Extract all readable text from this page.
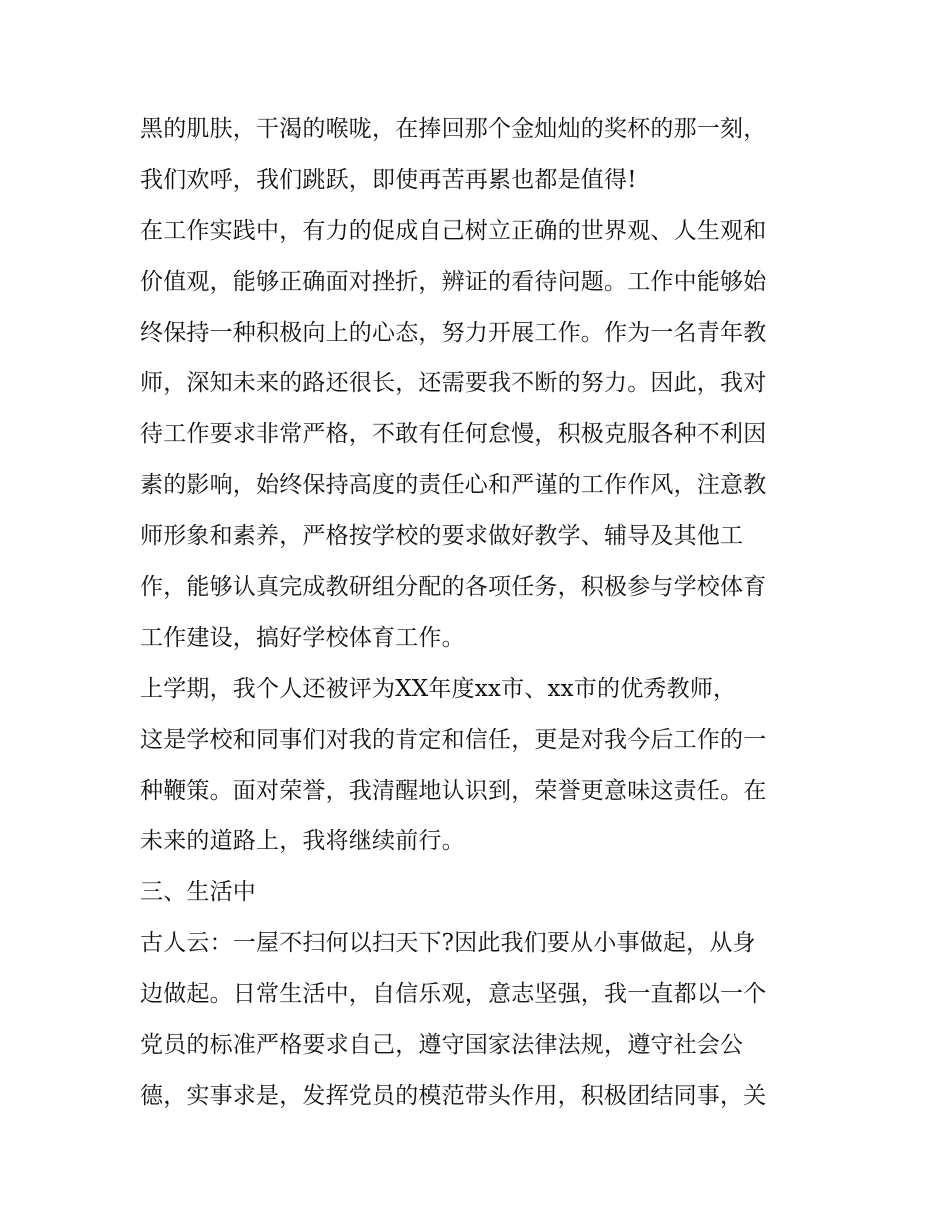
黑的肌肤，干渴的喉咙，在捧回那个金灿灿的奖杯的那一刻，
我们欢呼，我们跳跃，即使再苦再累也都是值得!
在工作实践中，有力的促成自己树立正确的世界观、人生观和
价值观，能够正确面对挫折，辨证的看待问题。工作中能够始
终保持一种积极向上的心态，努力开展工作。作为一名青年教
师，深知未来的路还很长，还需要我不断的努力。因此，我对
待工作要求非常严格，不敢有任何怠慢，积极克服各种不利因
素的影响，始终保持高度的责任心和严谨的工作作风，注意教
师形象和素养，严格按学校的要求做好教学、辅导及其他工
作，能够认真完成教研组分配的各项任务，积极参与学校体育
工作建设，搞好学校体育工作。
上学期，我个人还被评为XX年度xx市、xx市的优秀教师，
这是学校和同事们对我的肯定和信任，更是对我今后工作的一
种鞭策。面对荣誉，我清醒地认识到，荣誉更意味这责任。在
未来的道路上，我将继续前行。
三、生活中
古人云：一屋不扫何以扫天下?因此我们要从小事做起，从身
边做起。日常生活中，自信乐观，意志坚强，我一直都以一个
党员的标准严格要求自己，遵守国家法律法规，遵守社会公
德，实事求是，发挥党员的模范带头作用，积极团结同事，关
